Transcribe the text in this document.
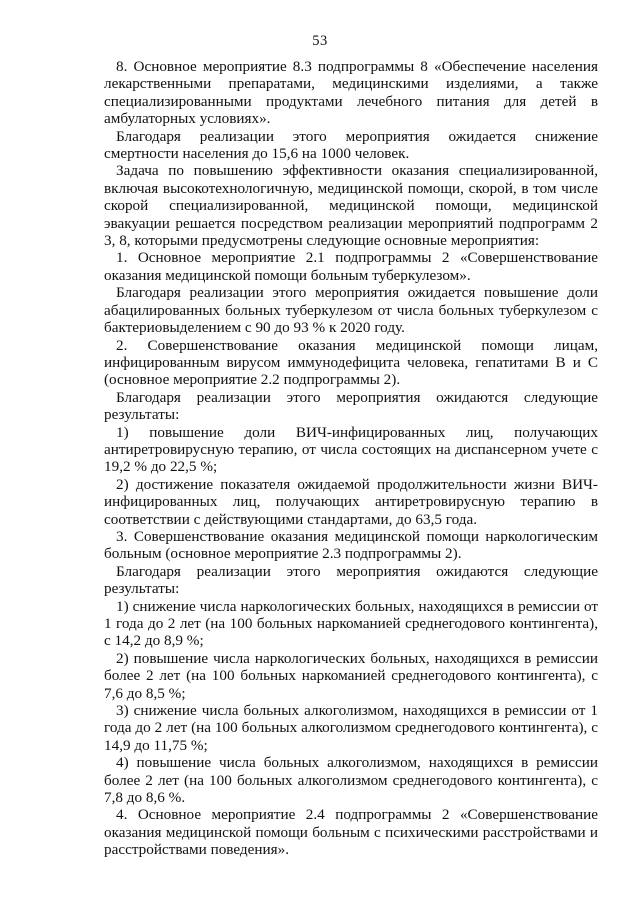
53

8. Основное мероприятие 8.3 подпрограммы 8 «Обеспечение населения лекарственными препаратами, медицинскими изделиями, а также специализированными продуктами лечебного питания для детей в амбулаторных условиях».

Благодаря реализации этого мероприятия ожидается снижение смертности населения до 15,6 на 1000 человек.

Задача по повышению эффективности оказания специализированной, включая высокотехнологичную, медицинской помощи, скорой, в том числе скорой специализированной, медицинской помощи, медицинской эвакуации решается посредством реализации мероприятий подпрограмм 2 3, 8, которыми предусмотрены следующие основные мероприятия:

1. Основное мероприятие 2.1 подпрограммы 2 «Совершенствование оказания медицинской помощи больным туберкулезом».

Благодаря реализации этого мероприятия ожидается повышение доли абацилированных больных туберкулезом от числа больных туберкулезом с бактериовыделением с 90 до 93 % к 2020 году.

2. Совершенствование оказания медицинской помощи лицам, инфицированным вирусом иммунодефицита человека, гепатитами B и C (основное мероприятие 2.2 подпрограммы 2).

Благодаря реализации этого мероприятия ожидаются следующие результаты:

1) повышение доли ВИЧ-инфицированных лиц, получающих антиретровирусную терапию, от числа состоящих на диспансерном учете с 19,2 % до 22,5 %;

2) достижение показателя ожидаемой продолжительности жизни ВИЧ-инфицированных лиц, получающих антиретровирусную терапию в соответствии с действующими стандартами, до 63,5 года.

3. Совершенствование оказания медицинской помощи наркологическим больным (основное мероприятие 2.3 подпрограммы 2).

Благодаря реализации этого мероприятия ожидаются следующие результаты:

1) снижение числа наркологических больных, находящихся в ремиссии от 1 года до 2 лет (на 100 больных наркоманией среднегодового контингента), с 14,2 до 8,9 %;

2) повышение числа наркологических больных, находящихся в ремиссии более 2 лет (на 100 больных наркоманией среднегодового контингента), с 7,6 до 8,5 %;

3) снижение числа больных алкоголизмом, находящихся в ремиссии от 1 года до 2 лет (на 100 больных алкоголизмом среднегодового контингента), с 14,9 до 11,75 %;

4) повышение числа больных алкоголизмом, находящихся в ремиссии более 2 лет (на 100 больных алкоголизмом среднегодового контингента), с 7,8 до 8,6 %.

4. Основное мероприятие 2.4 подпрограммы 2 «Совершенствование оказания медицинской помощи больным с психическими расстройствами и расстройствами поведения».
